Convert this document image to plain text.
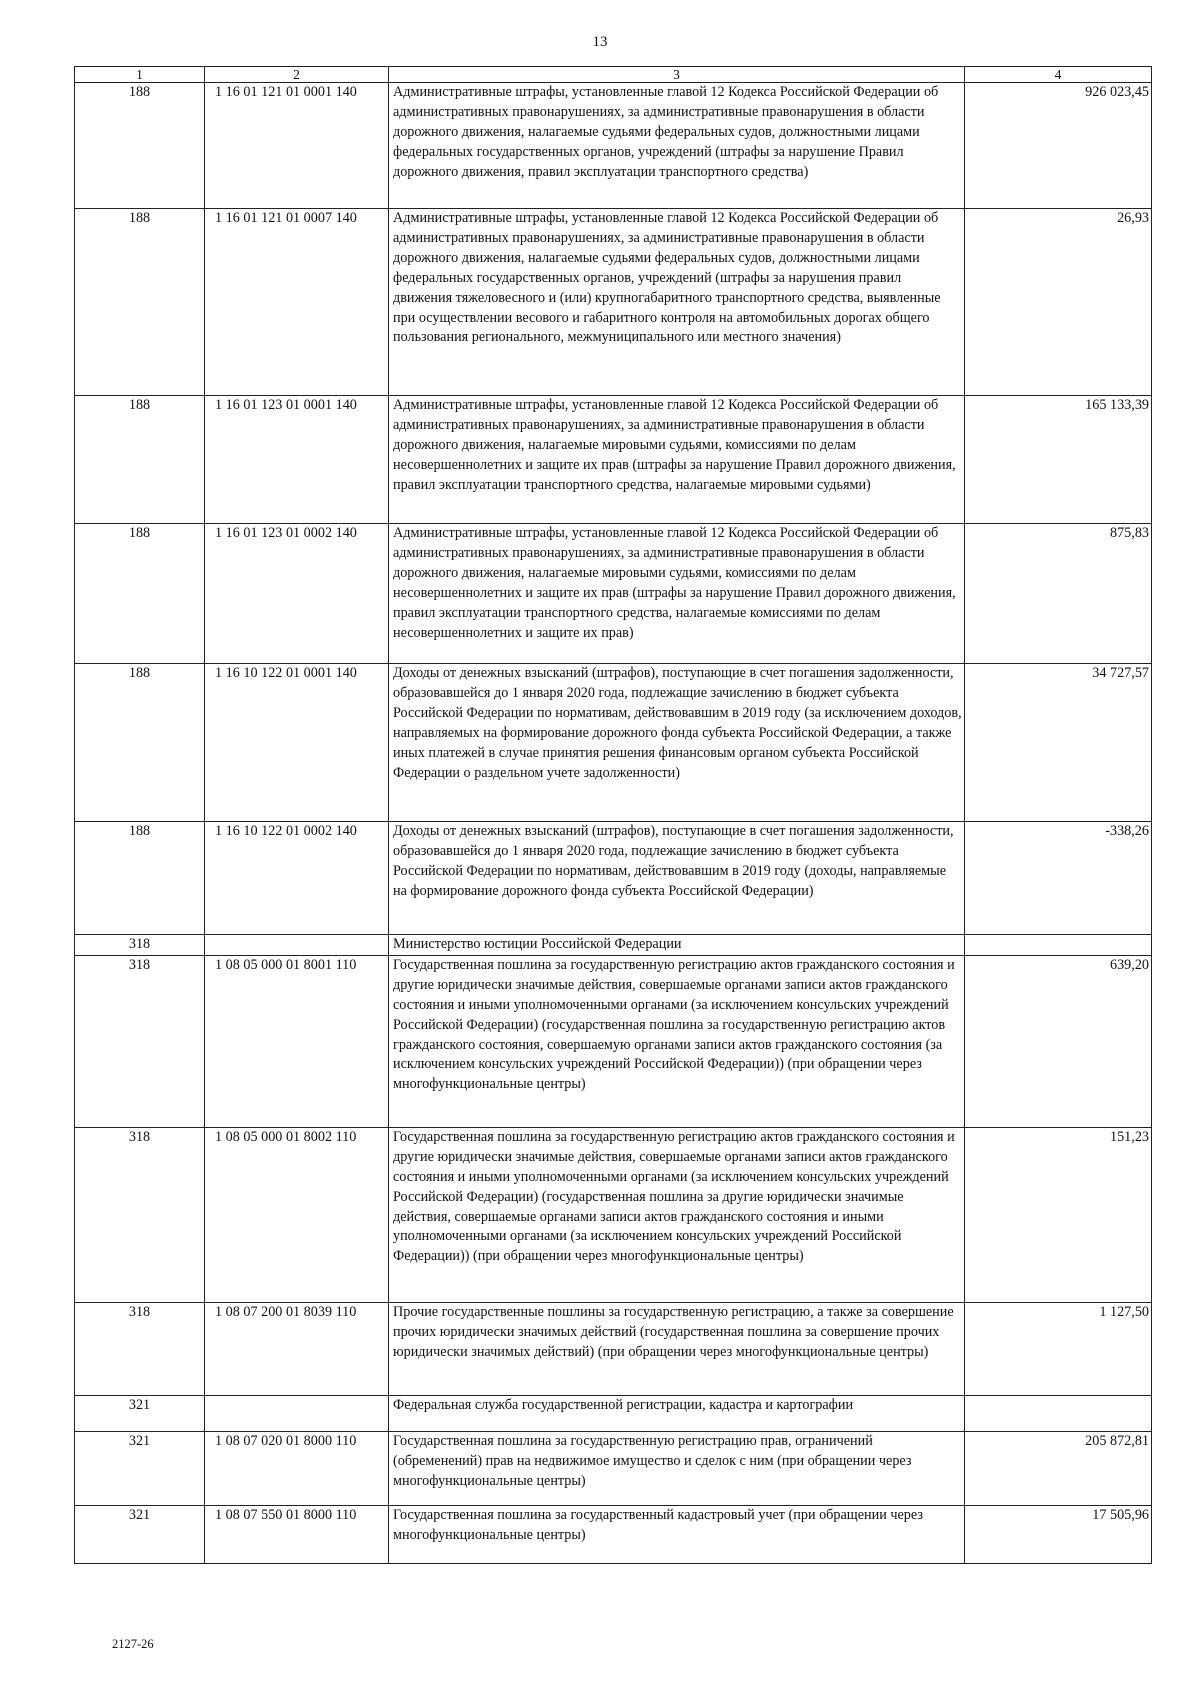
13
1	2	3	4
188	1 16 01 121 01 0001 140	Административные штрафы, установленные главой 12 Кодекса Российской Федерации об административных правонарушениях, за административные правонарушения в области дорожного движения, налагаемые судьями федеральных судов, должностными лицами федеральных государственных органов, учреждений (штрафы за нарушение Правил дорожного движения, правил эксплуатации транспортного средства)	926 023,45
188	1 16 01 121 01 0007 140	Административные штрафы, установленные главой 12 Кодекса Российской Федерации об административных правонарушениях, за административные правонарушения в области дорожного движения, налагаемые судьями федеральных судов, должностными лицами федеральных государственных органов, учреждений (штрафы за нарушения правил движения тяжеловесного и (или) крупногабаритного транспортного средства, выявленные при осуществлении весового и габаритного контроля на автомобильных дорогах общего пользования регионального, межмуниципального или местного значения)	26,93
188	1 16 01 123 01 0001 140	Административные штрафы, установленные главой 12 Кодекса Российской Федерации об административных правонарушениях, за административные правонарушения в области дорожного движения, налагаемые мировыми судьями, комиссиями по делам несовершеннолетних и защите их прав (штрафы за нарушение Правил дорожного движения, правил эксплуатации транспортного средства, налагаемые мировыми судьями)	165 133,39
188	1 16 01 123 01 0002 140	Административные штрафы, установленные главой 12 Кодекса Российской Федерации об административных правонарушениях, за административные правонарушения в области дорожного движения, налагаемые мировыми судьями, комиссиями по делам несовершеннолетних и защите их прав (штрафы за нарушение Правил дорожного движения, правил эксплуатации транспортного средства, налагаемые комиссиями по делам несовершеннолетних и защите их прав)	875,83
188	1 16 10 122 01 0001 140	Доходы от денежных взысканий (штрафов), поступающие в счет погашения задолженности, образовавшейся до 1 января 2020 года, подлежащие зачислению в бюджет субъекта Российской Федерации по нормативам, действовавшим в 2019 году (за исключением доходов, направляемых на формирование дорожного фонда субъекта Российской Федерации, а также иных платежей в случае принятия решения финансовым органом субъекта Российской Федерации о раздельном учете задолженности)	34 727,57
188	1 16 10 122 01 0002 140	Доходы от денежных взысканий (штрафов), поступающие в счет погашения задолженности, образовавшейся до 1 января 2020 года, подлежащие зачислению в бюджет субъекта Российской Федерации по нормативам, действовавшим в 2019 году (доходы, направляемые на формирование дорожного фонда субъекта Российской Федерации)	-338,26
318		Министерство юстиции Российской Федерации	
318	1 08 05 000 01 8001 110	Государственная пошлина за государственную регистрацию актов гражданского состояния и другие юридически значимые действия, совершаемые органами записи актов гражданского состояния и иными уполномоченными органами (за исключением консульских учреждений Российской Федерации) (государственная пошлина за государственную регистрацию актов гражданского состояния, совершаемую органами записи актов гражданского состояния (за исключением консульских учреждений Российской Федерации)) (при обращении через многофункциональные центры)	639,20
318	1 08 05 000 01 8002 110	Государственная пошлина за государственную регистрацию актов гражданского состояния и другие юридически значимые действия, совершаемые органами записи актов гражданского состояния и иными уполномоченными органами (за исключением консульских учреждений Российской Федерации) (государственная пошлина за другие юридически значимые действия, совершаемые органами записи актов гражданского состояния и иными уполномоченными органами (за исключением консульских учреждений Российской Федерации)) (при обращении через многофункциональные центры)	151,23
318	1 08 07 200 01 8039 110	Прочие государственные пошлины за государственную регистрацию, а также за совершение прочих юридически значимых действий (государственная пошлина за совершение прочих юридически значимых действий) (при обращении через многофункциональные центры)	1 127,50
321		Федеральная служба государственной регистрации, кадастра и картографии	
321	1 08 07 020 01 8000 110	Государственная пошлина за государственную регистрацию прав, ограничений (обременений) прав на недвижимое имущество и сделок с ним (при обращении через многофункциональные центры)	205 872,81
321	1 08 07 550 01 8000 110	Государственная пошлина за государственный кадастровый учет (при обращении через многофункциональные центры)	17 505,96
2127-26
